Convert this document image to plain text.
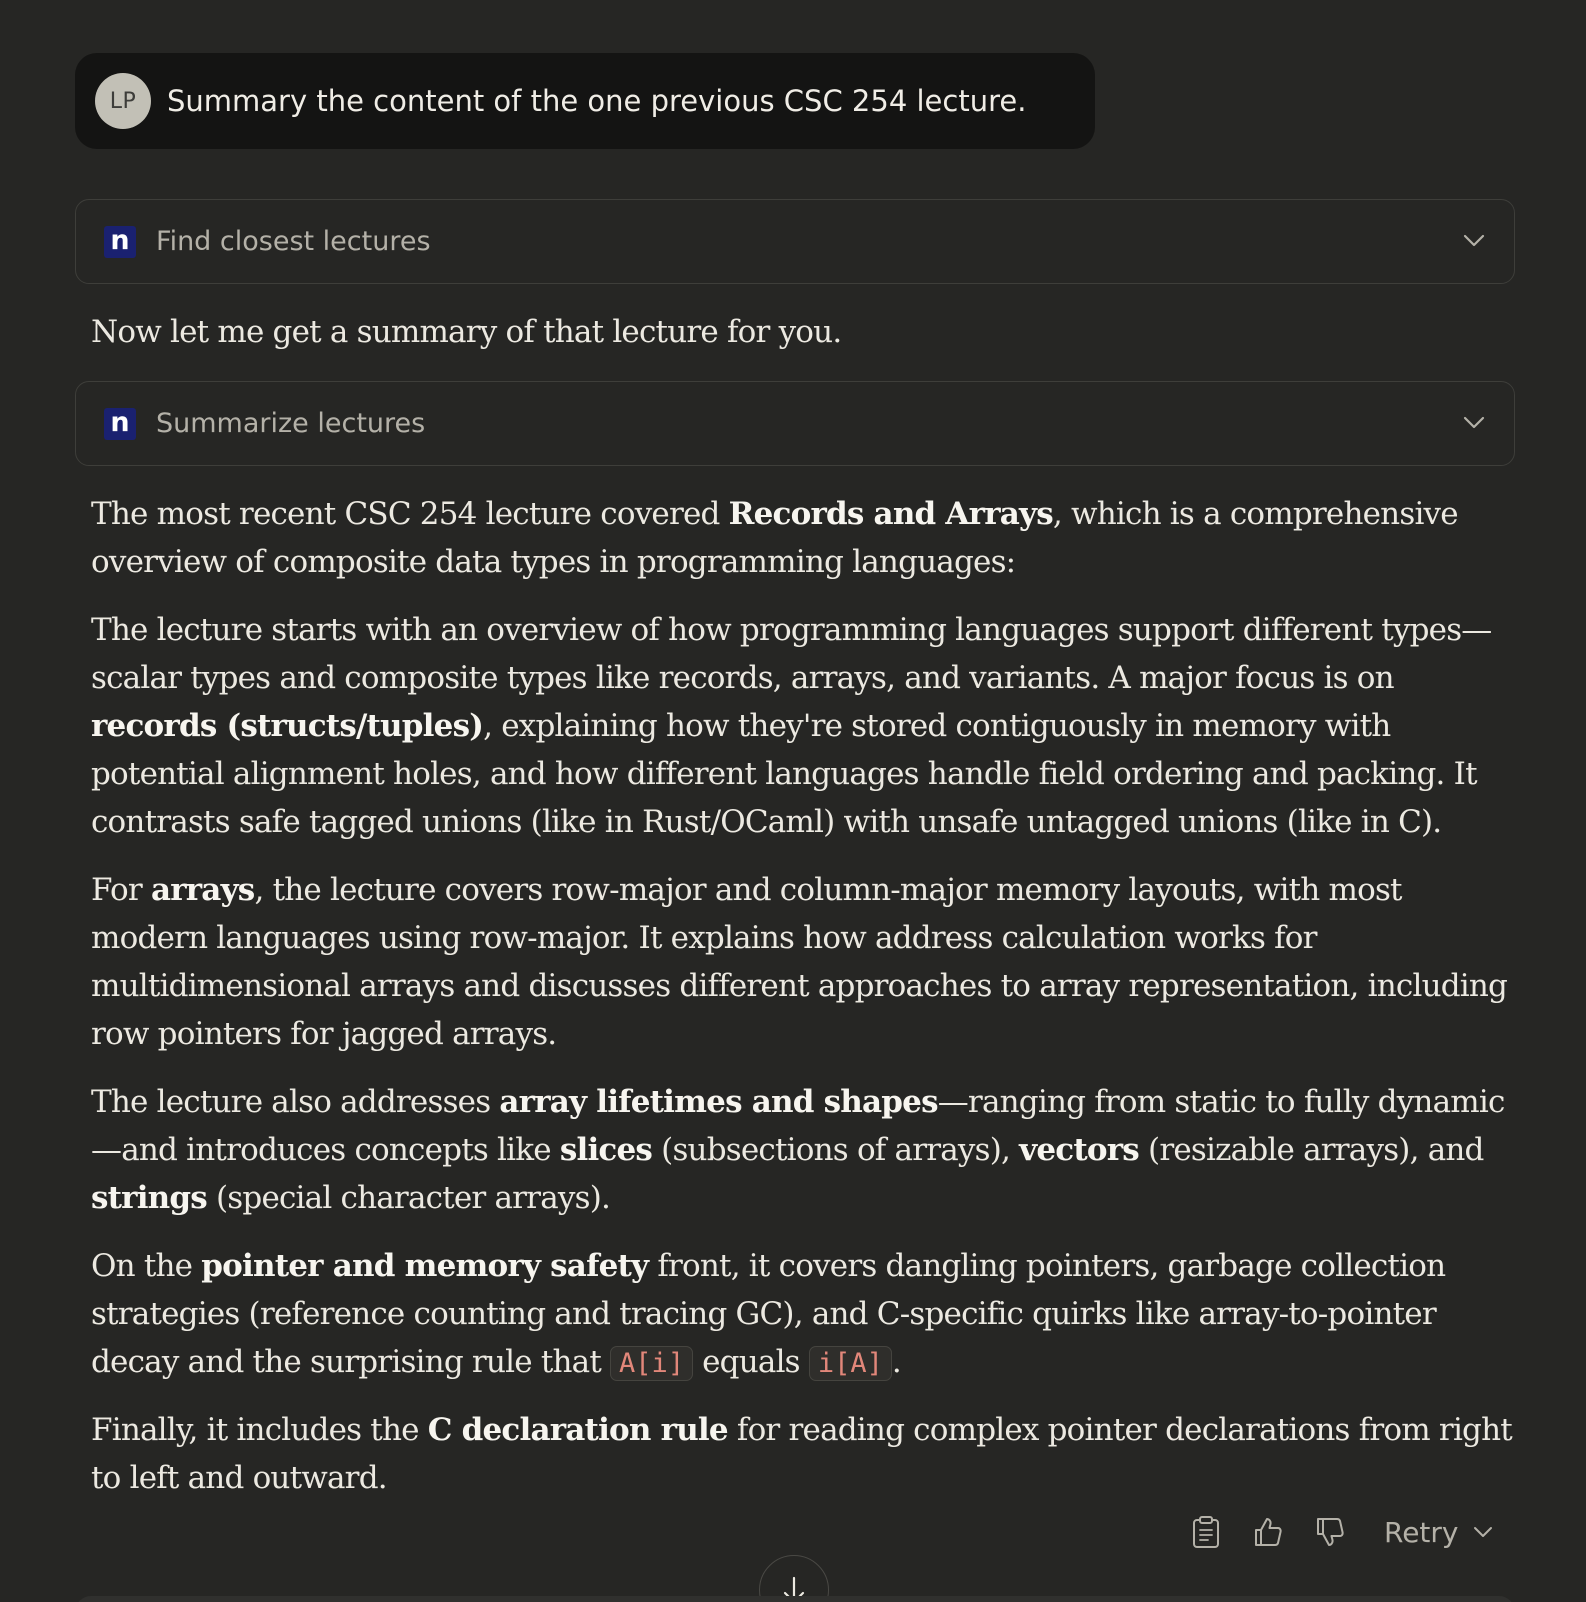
LP	Summary the content of the one previous CSC 254 lecture.
n Find closest lectures

Now let me get a summary of that lecture for you.

n Summarize lectures

The most recent CSC 254 lecture covered Records and Arrays, which is a comprehensive overview of composite data types in programming languages:

The lecture starts with an overview of how programming languages support different types—scalar types and composite types like records, arrays, and variants. A major focus is on records (structs/tuples), explaining how they're stored contiguously in memory with potential alignment holes, and how different languages handle field ordering and packing. It contrasts safe tagged unions (like in Rust/OCaml) with unsafe untagged unions (like in C).

For arrays, the lecture covers row-major and column-major memory layouts, with most modern languages using row-major. It explains how address calculation works for multidimensional arrays and discusses different approaches to array representation, including row pointers for jagged arrays.

The lecture also addresses array lifetimes and shapes—ranging from static to fully dynamic—and introduces concepts like slices (subsections of arrays), vectors (resizable arrays), and strings (special character arrays).

On the pointer and memory safety front, it covers dangling pointers, garbage collection strategies (reference counting and tracing GC), and C-specific quirks like array-to-pointer decay and the surprising rule that A[i] equals i[A] .

Finally, it includes the C declaration rule for reading complex pointer declarations from right to left and outward.

Retry
